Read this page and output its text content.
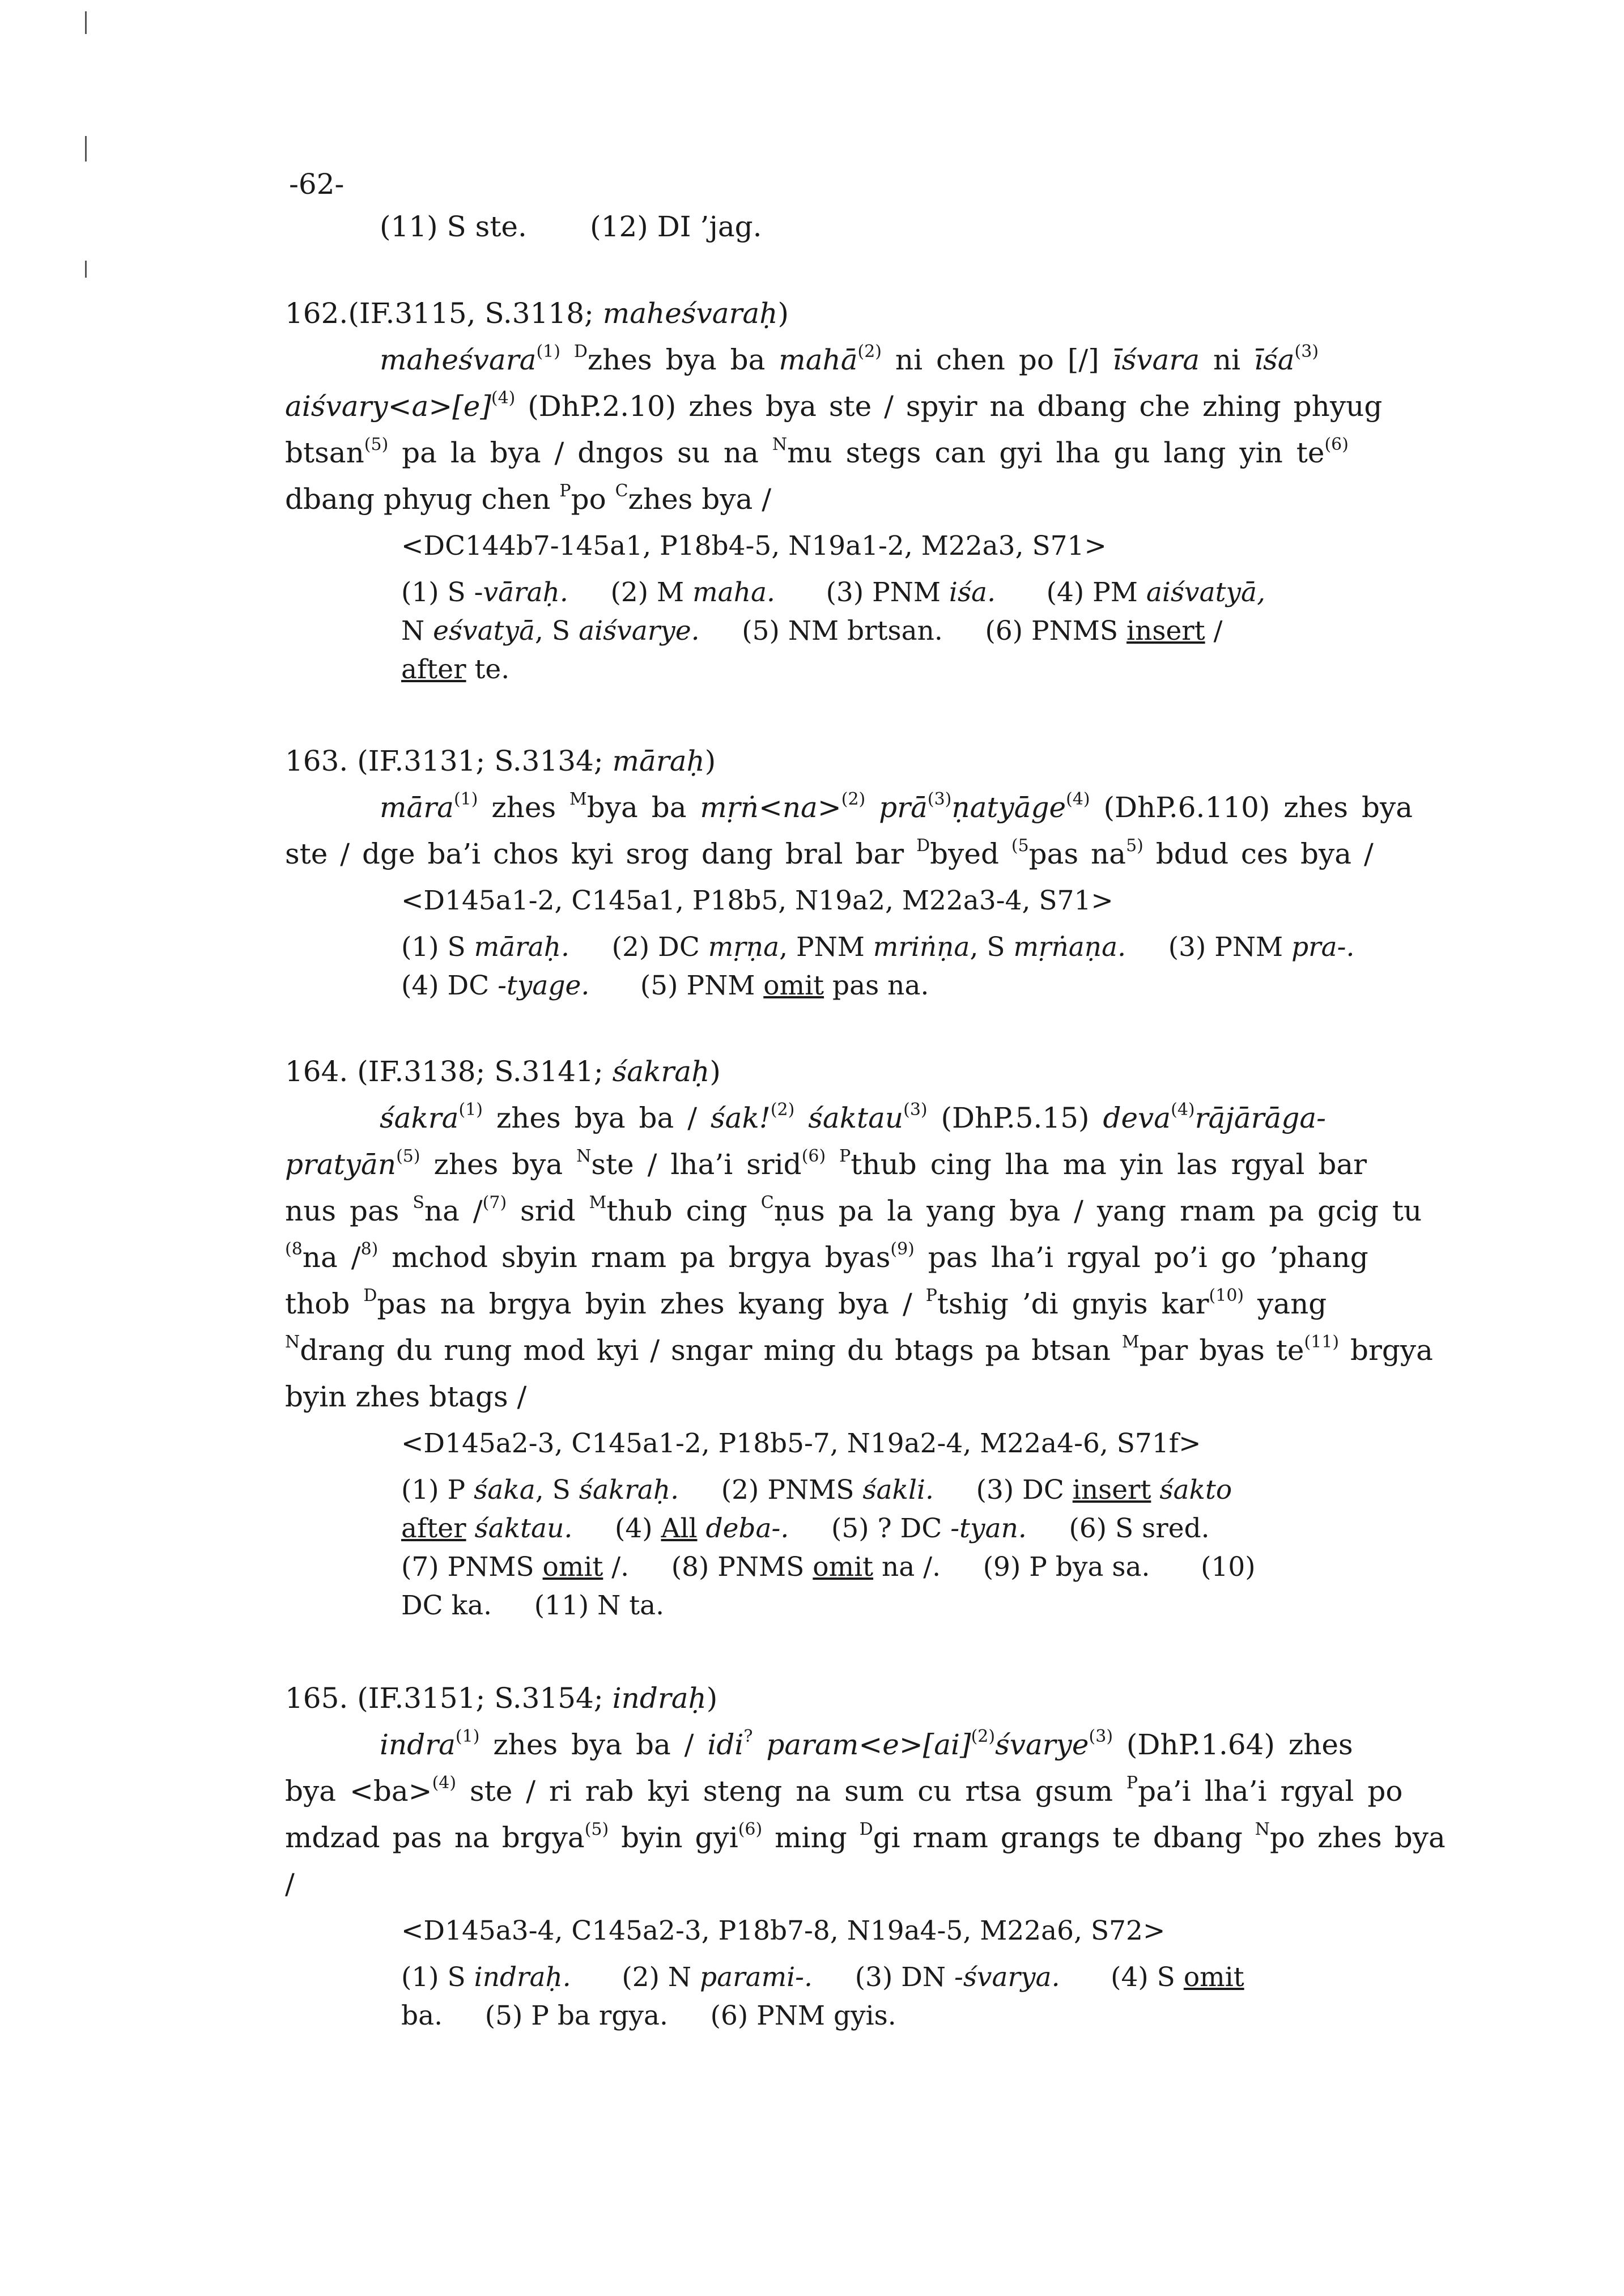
-62-
(11) S ste.       (12) DI ’jag.
162.(IF.3115, S.3118; maheśvaraḥ)
maheśvara$^{(1)}$ $^D$zhes bya ba mahā$^{(2)}$ ni chen po [/] īśvara ni īśa$^{(3)}$
$aiśvary<a>[e]^{(4)}$ (DhP.2.10) zhes bya ste / spyir na dbang che zhing phyug
btsan$^{(5)}$ pa la bya / dngos su na $^N$mu stegs can gyi lha gu lang yin $te^{(6)}$
dbang phyug chen $^P$po $^C$zhes bya /
<DC144b7-145a1, P18b4-5, N19a1-2, M22a3, S71>
(1) S -vāraḥ.     (2) M maha.      (3) PNM iśa.      (4) PM aiśvatyā,
N eśvatyā, S aiśvarye.     (5) NM brtsan.     (6) PNMS insert /
after te.
163. (IF.3131; S.3134; māraḥ)
māra$^{(1)}$ zhes $^M$bya ba mṛṅ<na>$^{(2)}$ prā$^{(3)}$ṇatyāge$^{(4)}$ (DhP.6.110) zhes bya
ste / dge ba’i chos kyi srog dang bral bar $^D$byed $^{(5}$pas $na^{5)}$ bdud ces bya /
<D145a1-2, C145a1, P18b5, N19a2, M22a3-4, S71>
(1) S māraḥ.     (2) DC mṛṇa, PNM mriṅṇa, S mṛṅaṇa.     (3) PNM pra-.
(4) DC -tyage.      (5) PNM omit pas na.
164. (IF.3138; S.3141; śakraḥ)
śakra$^{(1)}$ zhes bya ba / śak!$^{(2)}$ śaktau$^{(3)}$ (DhP.5.15) deva$^{(4)}$rājārāga-
pratyān$^{(5)}$ zhes bya $^N$ste / lha’i srid$^{(6)}$ $^P$thub cing lha ma yin las rgyal bar
nus pas $^S$na /$^{(7)}$ srid $^M$thub cing $^C$ṇus pa la yang bya / yang rnam pa gcig tu
$^{(8}$na /$^{8)}$ mchod sbyin rnam pa brgya byas$^{(9)}$ pas lha’i rgyal po’i go ’phang
thob $^D$pas na brgya byin zhes kyang bya / $^P$tshig ’di gnyis kar$^{(10)}$ yang
$^N$drang du rung mod kyi / sngar ming du btags pa btsan $^M$par byas $te^{(11)}$ brgya
byin zhes btags /
<D145a2-3, C145a1-2, P18b5-7, N19a2-4, M22a4-6, S71f>
(1) P śaka, S śakraḥ.     (2) PNMS śakli.     (3) DC insert śakto
after śaktau.     (4) All deba-.     (5) ? DC -tyan.     (6) S sred.
(7) PNMS omit /.     (8) PNMS omit na /.     (9) P bya sa.      (10)
DC ka.     (11) N ta.
165. (IF.3151; S.3154; indraḥ)
indra$^{(1)}$ zhes bya ba / idi? param<e>[ai]$^{(2)}$śvarye$^{(3)}$ (DhP.1.64) zhes
bya <ba>$^{(4)}$ ste / ri rab kyi steng na sum cu rtsa gsum $^P$pa’i lha’i rgyal po
mdzad pas na brgya$^{(5)}$ byin gyi$^{(6)}$ ming $^D$gi rnam grangs te dbang $^N$po zhes bya
/
<D145a3-4, C145a2-3, P18b7-8, N19a4-5, M22a6, S72>
(1) S indraḥ.      (2) N parami-.     (3) DN -śvarya.      (4) S omit
ba.     (5) P ba rgya.     (6) PNM gyis.
